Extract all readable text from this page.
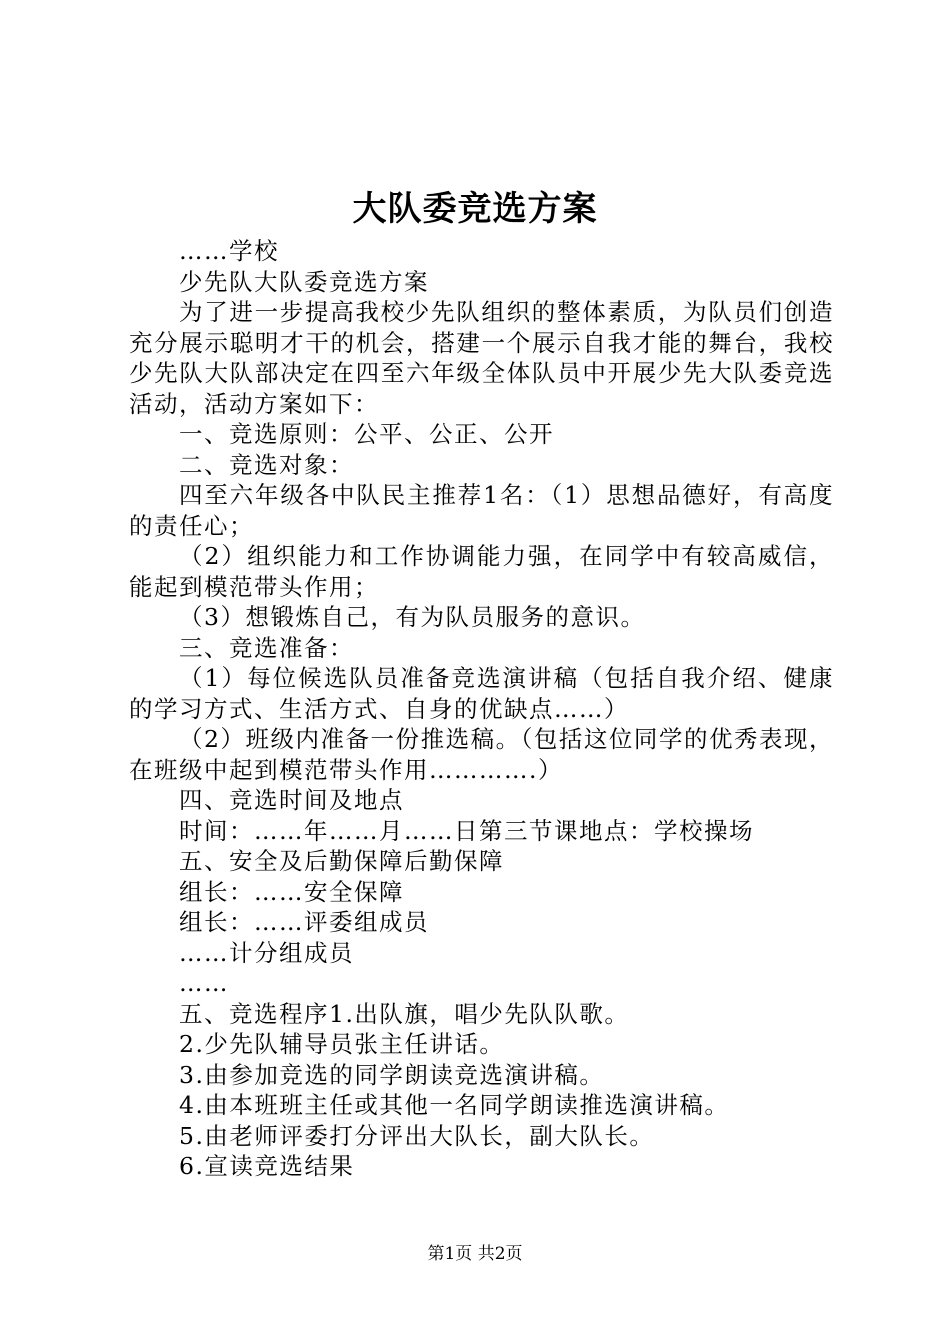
大队委竞选方案

……学校

少先队大队委竞选方案

为了进一步提高我校少先队组织的整体素质，为队员们创造充分展示聪明才干的机会，搭建一个展示自我才能的舞台，我校少先队大队部决定在四至六年级全体队员中开展少先大队委竞选活动，活动方案如下：

一、竞选原则：公平、公正、公开

二、竞选对象：

四至六年级各中队民主推荐1名：（1）思想品德好，有高度的责任心；

（2）组织能力和工作协调能力强，在同学中有较高威信，能起到模范带头作用；

（3）想锻炼自己，有为队员服务的意识。

三、竞选准备：

（1）每位候选队员准备竞选演讲稿（包括自我介绍、健康的学习方式、生活方式、自身的优缺点……）

（2）班级内准备一份推选稿。（包括这位同学的优秀表现，在班级中起到模范带头作用………….）

四、竞选时间及地点

时间：……年……月……日第三节课地点：学校操场

五、安全及后勤保障后勤保障

组长：……安全保障

组长：……评委组成员

……计分组成员

……

五、竞选程序1.出队旗，唱少先队队歌。

2.少先队辅导员张主任讲话。

3.由参加竞选的同学朗读竞选演讲稿。

4.由本班班主任或其他一名同学朗读推选演讲稿。

5.由老师评委打分评出大队长，副大队长。

6.宣读竞选结果

第1页 共2页
